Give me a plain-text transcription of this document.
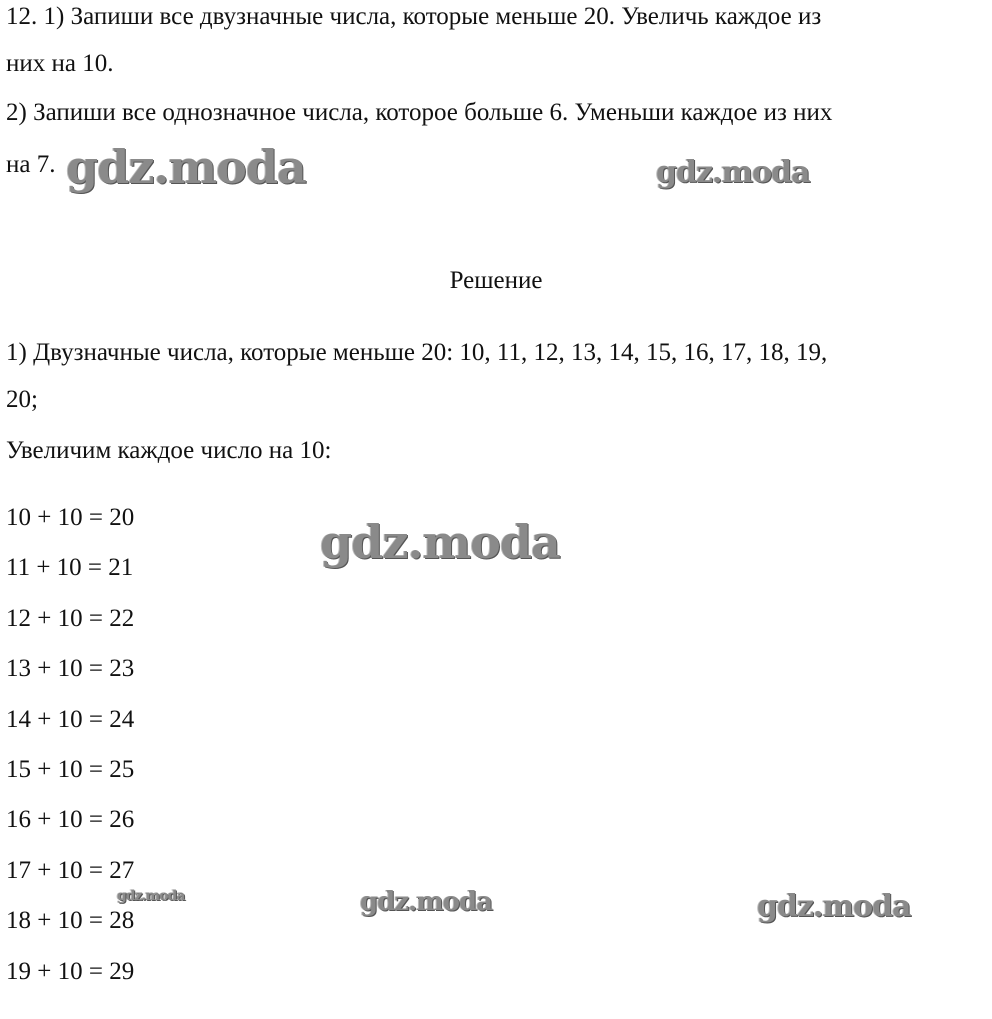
12. 1) Запиши все двузначные числа, которые меньше 20. Увеличь каждое из

них на 10.

2) Запиши все однозначное числа, которое больше 6. Уменьши каждое из них

на 7.

Решение

1) Двузначные числа, которые меньше 20: 10, 11, 12, 13, 14, 15, 16, 17, 18, 19,

20;

Увеличим каждое число на 10:

10 + 10 = 20
11 + 10 = 21
12 + 10 = 22
13 + 10 = 23
14 + 10 = 24
15 + 10 = 25
16 + 10 = 26
17 + 10 = 27
18 + 10 = 28
19 + 10 = 29
gdz.moda	gdz.moda
gdz.moda
gdz.moda	gdz.moda	gdz.moda
